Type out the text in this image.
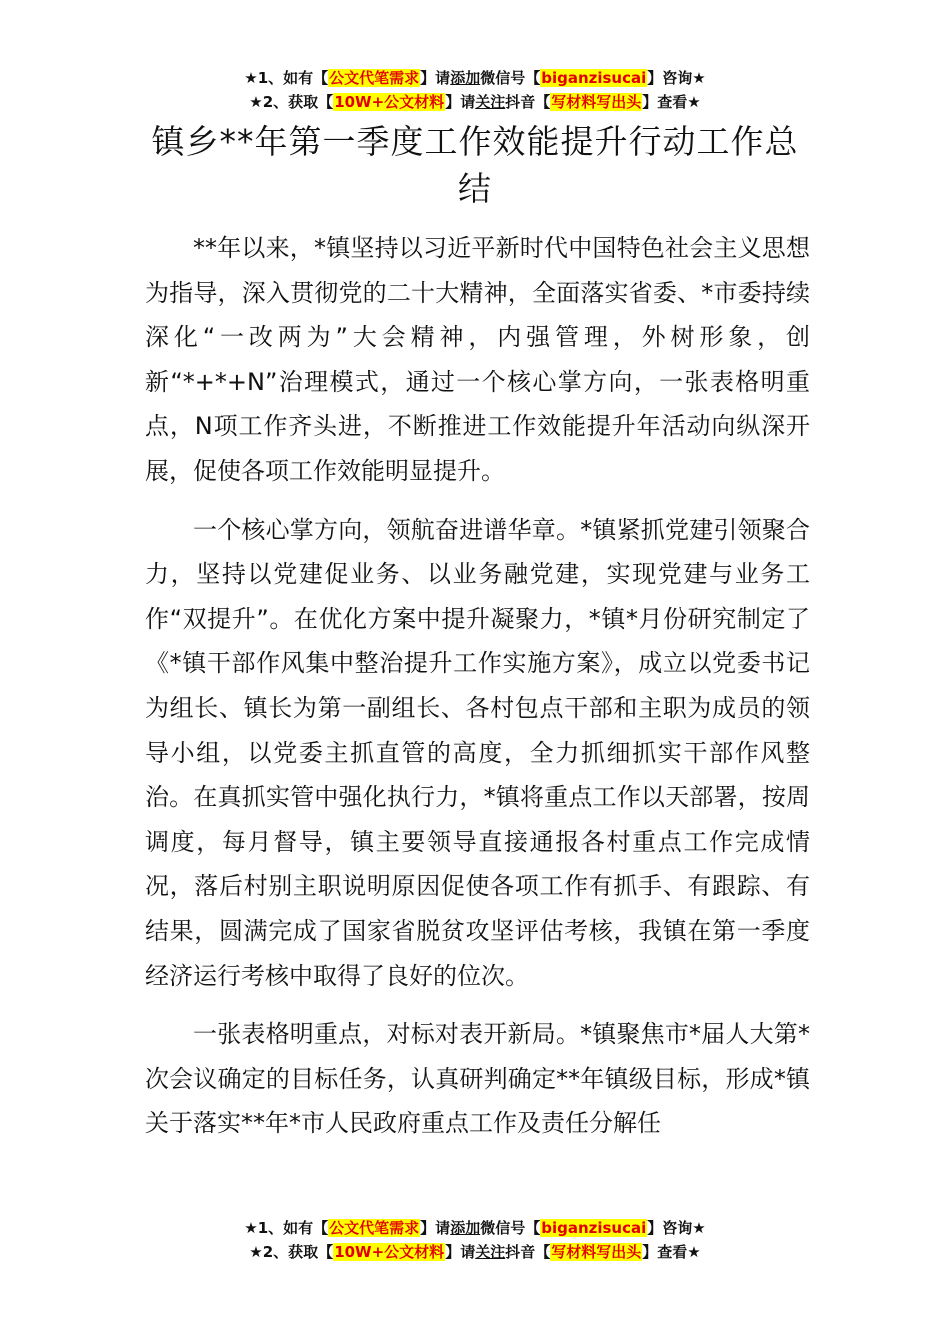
★1、如有【公文代笔需求】请添加微信号【biganzisucai】咨询★
★2、获取【10W+公文材料】请关注抖音【写材料写出头】查看★
镇乡**年第一季度工作效能提升行动工作总结

**年以来，*镇坚持以习近平新时代中国特色社会主义思想为指导，深入贯彻党的二十大精神，全面落实省委、*市委持续深化“一改两为”大会精神，内强管理，外树形象，创新“*+*+N”治理模式，通过一个核心掌方向，一张表格明重点，N项工作齐头进，不断推进工作效能提升年活动向纵深开展，促使各项工作效能明显提升。

一个核心掌方向，领航奋进谱华章。*镇紧抓党建引领聚合力，坚持以党建促业务、以业务融党建，实现党建与业务工作“双提升”。在优化方案中提升凝聚力，*镇*月份研究制定了《*镇干部作风集中整治提升工作实施方案》，成立以党委书记为组长、镇长为第一副组长、各村包点干部和主职为成员的领导小组，以党委主抓直管的高度，全力抓细抓实干部作风整治。在真抓实管中强化执行力，*镇将重点工作以天部署，按周调度，每月督导，镇主要领导直接通报各村重点工作完成情况，落后村别主职说明原因促使各项工作有抓手、有跟踪、有结果，圆满完成了国家省脱贫攻坚评估考核，我镇在第一季度经济运行考核中取得了良好的位次。

一张表格明重点，对标对表开新局。*镇聚焦市*届人大第*次会议确定的目标任务，认真研判确定**年镇级目标，形成*镇关于落实**年*市人民政府重点工作及责任分解任

★1、如有【公文代笔需求】请添加微信号【biganzisucai】咨询★
★2、获取【10W+公文材料】请关注抖音【写材料写出头】查看★
